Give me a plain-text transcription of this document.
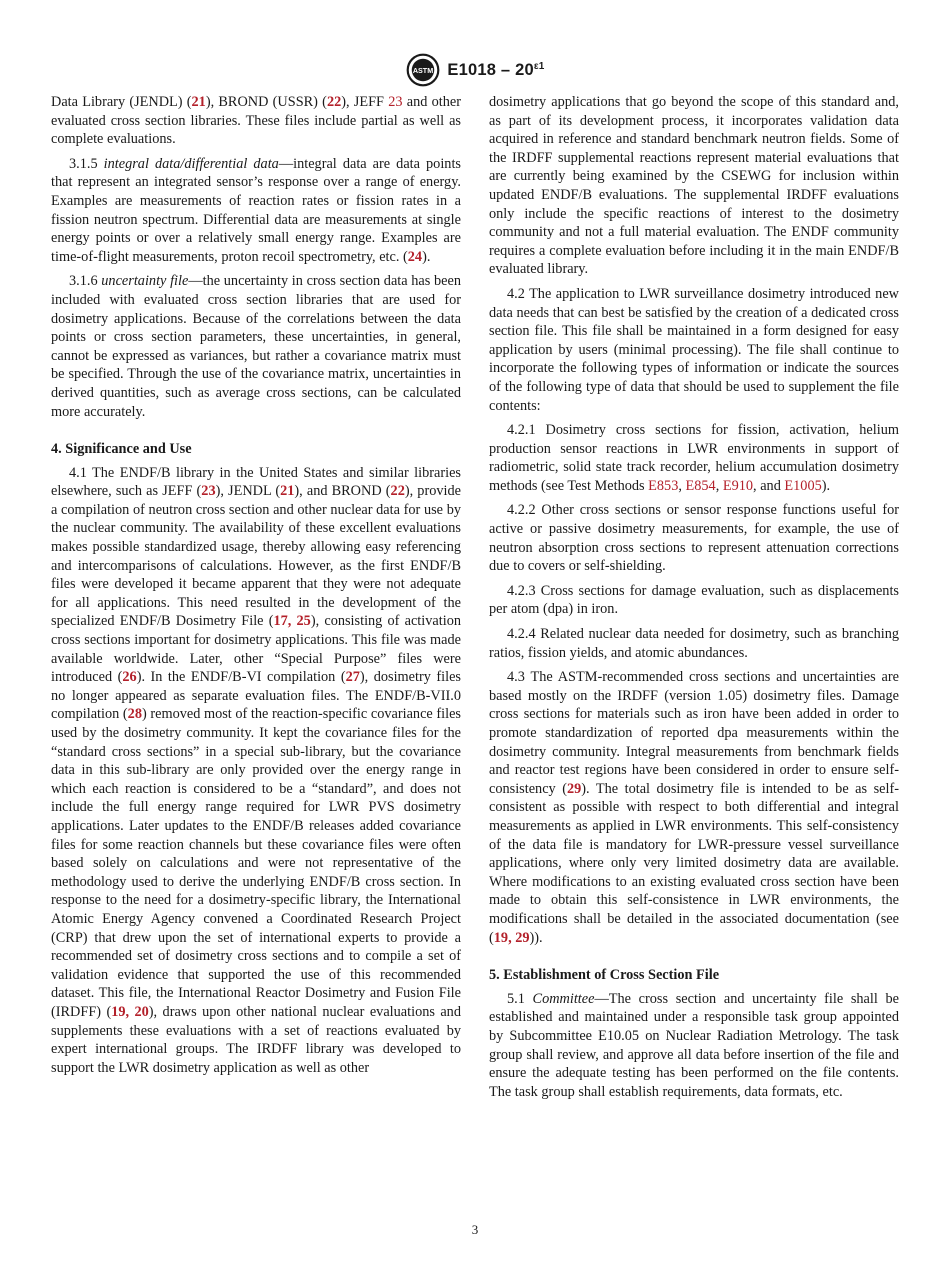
ASTM $E1018 - 20^{\varepsilon 1}$

Data Library (JENDL) (21), BROND (USSR) (22), JEFF 23 and other evaluated cross section libraries. These files include partial as well as complete evaluations.

3.1.5 integral data/differential data—integral data are data points that represent an integrated sensor’s response over a range of energy. Examples are measurements of reaction rates or fission rates in a fission neutron spectrum. Differential data are measurements at single energy points or over a relatively small energy range. Examples are time-of-flight measurements, proton recoil spectrometry, etc. (24).

3.1.6 uncertainty file—the uncertainty in cross section data has been included with evaluated cross section libraries that are used for dosimetry applications. Because of the correlations between the data points or cross section parameters, these uncertainties, in general, cannot be expressed as variances, but rather a covariance matrix must be specified. Through the use of the covariance matrix, uncertainties in derived quantities, such as average cross sections, can be calculated more accurately.

4. Significance and Use

4.1 The ENDF/B library in the United States and similar libraries elsewhere, such as JEFF (23), JENDL (21), and BROND (22), provide a compilation of neutron cross section and other nuclear data for use by the nuclear community. The availability of these excellent evaluations makes possible standardized usage, thereby allowing easy referencing and intercomparisons of calculations. However, as the first ENDF/B files were developed it became apparent that they were not adequate for all applications. This need resulted in the development of the specialized ENDF/B Dosimetry File (17, 25), consisting of activation cross sections important for dosimetry applications. This file was made available worldwide. Later, other “Special Purpose” files were introduced (26). In the ENDF/B-VI compilation (27), dosimetry files no longer appeared as separate evaluation files. The ENDF/B-VII.0 compilation (28) removed most of the reaction-specific covariance files used by the dosimetry community. It kept the covariance files for the “standard cross sections” in a special sub-library, but the covariance data in this sub-library are only provided over the energy range in which each reaction is considered to be a “standard”, and does not include the full energy range required for LWR PVS dosimetry applications. Later updates to the ENDF/B releases added covariance files for some reaction channels but these covariance files were often based solely on calculations and were not representative of the methodology used to derive the underlying ENDF/B cross section. In response to the need for a dosimetry-specific library, the International Atomic Energy Agency convened a Coordinated Research Project (CRP) that drew upon the set of international experts to provide a recommended set of dosimetry cross sections and to compile a set of validation evidence that supported the use of this recommended dataset. This file, the International Reactor Dosimetry and Fusion File (IRDFF) (19, 20), draws upon other national nuclear evaluations and supplements these evaluations with a set of reactions evaluated by expert international groups. The IRDFF library was developed to support the LWR dosimetry application as well as other

dosimetry applications that go beyond the scope of this standard and, as part of its development process, it incorporates validation data acquired in reference and standard benchmark neutron fields. Some of the IRDFF supplemental reactions represent material evaluations that are currently being examined by the CSEWG for inclusion within updated ENDF/B evaluations. The supplemental IRDFF evaluations only include the specific reactions of interest to the dosimetry community and not a full material evaluation. The ENDF community requires a complete evaluation before including it in the main ENDF/B evaluated library.

4.2 The application to LWR surveillance dosimetry introduced new data needs that can best be satisfied by the creation of a dedicated cross section file. This file shall be maintained in a form designed for easy application by users (minimal processing). The file shall continue to incorporate the following types of information or indicate the sources of the following type of data that should be used to supplement the file contents:

4.2.1 Dosimetry cross sections for fission, activation, helium production sensor reactions in LWR environments in support of radiometric, solid state track recorder, helium accumulation dosimetry methods (see Test Methods E853, E854, E910, and E1005).

4.2.2 Other cross sections or sensor response functions useful for active or passive dosimetry measurements, for example, the use of neutron absorption cross sections to represent attenuation corrections due to covers or self-shielding.

4.2.3 Cross sections for damage evaluation, such as displacements per atom (dpa) in iron.

4.2.4 Related nuclear data needed for dosimetry, such as branching ratios, fission yields, and atomic abundances.

4.3 The ASTM-recommended cross sections and uncertainties are based mostly on the IRDFF (version 1.05) dosimetry files. Damage cross sections for materials such as iron have been added in order to promote standardization of reported dpa measurements within the dosimetry community. Integral measurements from benchmark fields and reactor test regions have been considered in order to ensure self-consistency (29). The total dosimetry file is intended to be as self-consistent as possible with respect to both differential and integral measurements as applied in LWR environments. This self-consistency of the data file is mandatory for LWR-pressure vessel surveillance applications, where only very limited dosimetry data are available. Where modifications to an existing evaluated cross section have been made to obtain this self-consistence in LWR environments, the modifications shall be detailed in the associated documentation (see (19, 29)).

5. Establishment of Cross Section File

5.1 Committee—The cross section and uncertainty file shall be established and maintained under a responsible task group appointed by Subcommittee E10.05 on Nuclear Radiation Metrology. The task group shall review, and approve all data before insertion of the file and ensure the adequate testing has been performed on the file contents. The task group shall establish requirements, data formats, etc.

3
